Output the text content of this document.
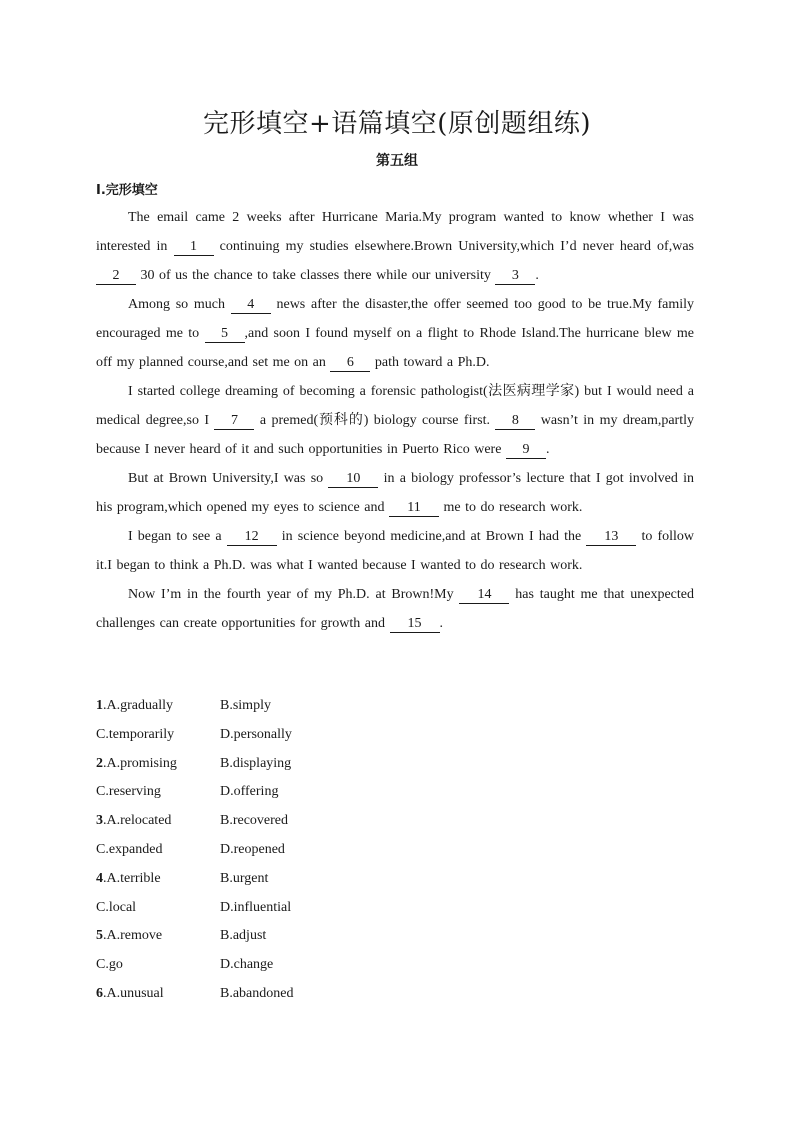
完形填空+语篇填空(原创题组练)
第五组
Ⅰ.完形填空

The email came 2 weeks after Hurricane Maria.My program wanted to know whether I was interested in 1 continuing my studies elsewhere.Brown University,which I’d never heard of,was 2 30 of us the chance to take classes there while our university 3 .

Among so much 4 news after the disaster,the offer seemed too good to be true.My family encouraged me to 5 ,and soon I found myself on a flight to Rhode Island.The hurricane blew me off my planned course,and set me on an 6 path toward a Ph.D.

I started college dreaming of becoming a forensic pathologist(法医病理学家) but I would need a medical degree,so I 7 a premed(预科的) biology course first. 8 wasn’t in my dream,partly because I never heard of it and such opportunities in Puerto Rico were 9 .

But at Brown University,I was so 10 in a biology professor’s lecture that I got involved in his program,which opened my eyes to science and 11 me to do research work.

I began to see a 12 in science beyond medicine,and at Brown I had the 13 to follow it.I began to think a Ph.D. was what I wanted because I wanted to do research work.

Now I’m in the fourth year of my Ph.D. at Brown!My 14 has taught me that unexpected challenges can create opportunities for growth and 15 .

1.A.gradually	B.simply
C.temporarily	D.personally
2.A.promising	B.displaying
C.reserving	D.offering
3.A.relocated	B.recovered
C.expanded	D.reopened
4.A.terrible	B.urgent
C.local	D.influential
5.A.remove	B.adjust
C.go	D.change
6.A.unusual	B.abandoned
